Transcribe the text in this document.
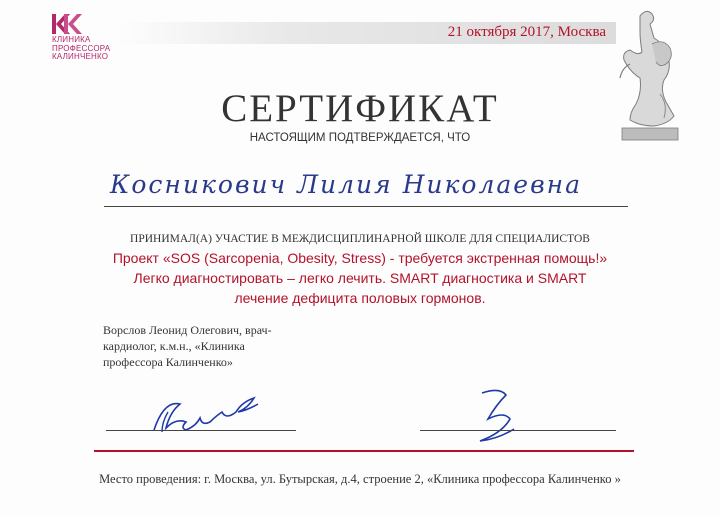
КЛИНИКА
ПРОФЕССОРА
КАЛИНЧЕНКО
21 октября 2017, Москва
СЕРТИФИКАТ
НАСТОЯЩИМ ПОДТВЕРЖДАЕТСЯ, ЧТО
Косникович Лилия Николаевна
ПРИНИМАЛ(А) УЧАСТИЕ В МЕЖДИСЦИПЛИНАРНОЙ ШКОЛЕ ДЛЯ СПЕЦИАЛИСТОВ
Проект «SOS (Sarcopenia, Obesity, Stress) - требуется экстренная помощь!» Легко диагностировать – легко лечить. SMART диагностика и SMART лечение дефицита половых гормонов.
Ворслов Леонид Олегович, врач-кардиолог, к.м.н., «Клиника профессора Калинченко»
Место проведения: г. Москва, ул. Бутырская, д.4, строение 2, «Клиника профессора Калинченко »
